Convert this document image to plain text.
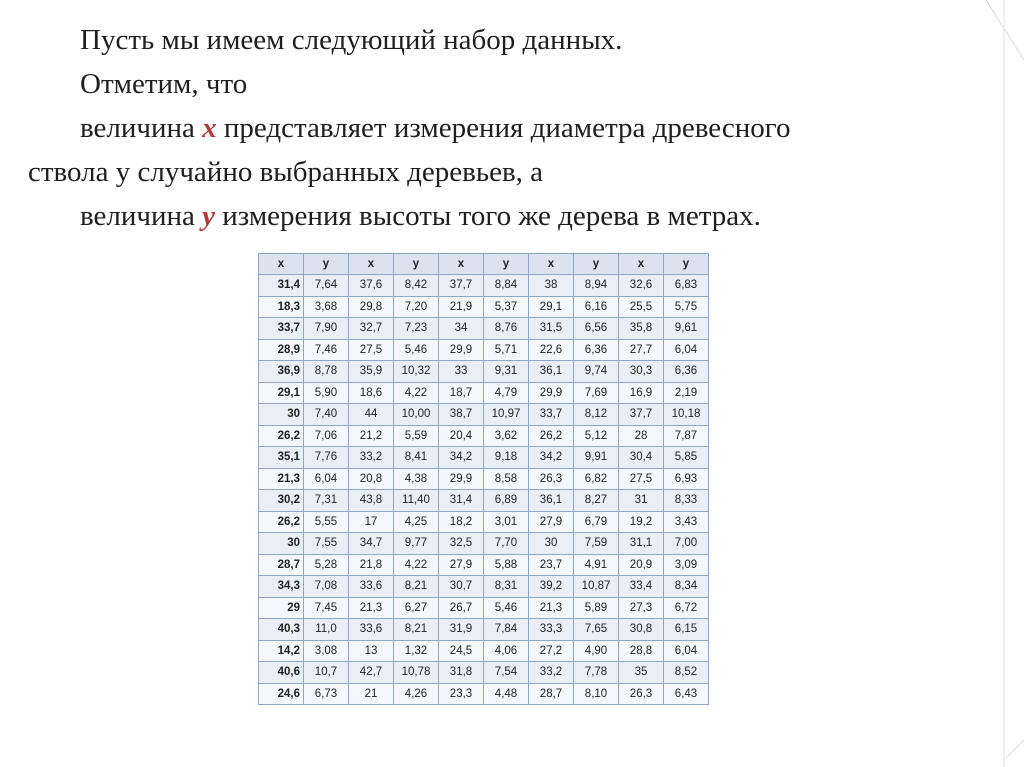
Пусть мы имеем следующий набор данных.
Отметим, что
величина x представляет измерения диаметра древесного
ствола у случайно выбранных деревьев, а
величина y измерения высоты того же дерева в метрах.
x	y	x	y	x	y	x	y	x	y
31,4	7,64	37,6	8,42	37,7	8,84	38	8,94	32,6	6,83
18,3	3,68	29,8	7,20	21,9	5,37	29,1	6,16	25,5	5,75
33,7	7,90	32,7	7,23	34	8,76	31,5	6,56	35,8	9,61
28,9	7,46	27,5	5,46	29,9	5,71	22,6	6,36	27,7	6,04
36,9	8,78	35,9	10,32	33	9,31	36,1	9,74	30,3	6,36
29,1	5,90	18,6	4,22	18,7	4,79	29,9	7,69	16,9	2,19
30	7,40	44	10,00	38,7	10,97	33,7	8,12	37,7	10,18
26,2	7,06	21,2	5,59	20,4	3,62	26,2	5,12	28	7,87
35,1	7,76	33,2	8,41	34,2	9,18	34,2	9,91	30,4	5,85
21,3	6,04	20,8	4,38	29,9	8,58	26,3	6,82	27,5	6,93
30,2	7,31	43,8	11,40	31,4	6,89	36,1	8,27	31	8,33
26,2	5,55	17	4,25	18,2	3,01	27,9	6,79	19,2	3,43
30	7,55	34,7	9,77	32,5	7,70	30	7,59	31,1	7,00
28,7	5,28	21,8	4,22	27,9	5,88	23,7	4,91	20,9	3,09
34,3	7,08	33,6	8,21	30,7	8,31	39,2	10,87	33,4	8,34
29	7,45	21,3	6,27	26,7	5,46	21,3	5,89	27,3	6,72
40,3	11,0	33,6	8,21	31,9	7,84	33,3	7,65	30,8	6,15
14,2	3,08	13	1,32	24,5	4,06	27,2	4,90	28,8	6,04
40,6	10,7	42,7	10,78	31,8	7,54	33,2	7,78	35	8,52
24,6	6,73	21	4,26	23,3	4,48	28,7	8,10	26,3	6,43
